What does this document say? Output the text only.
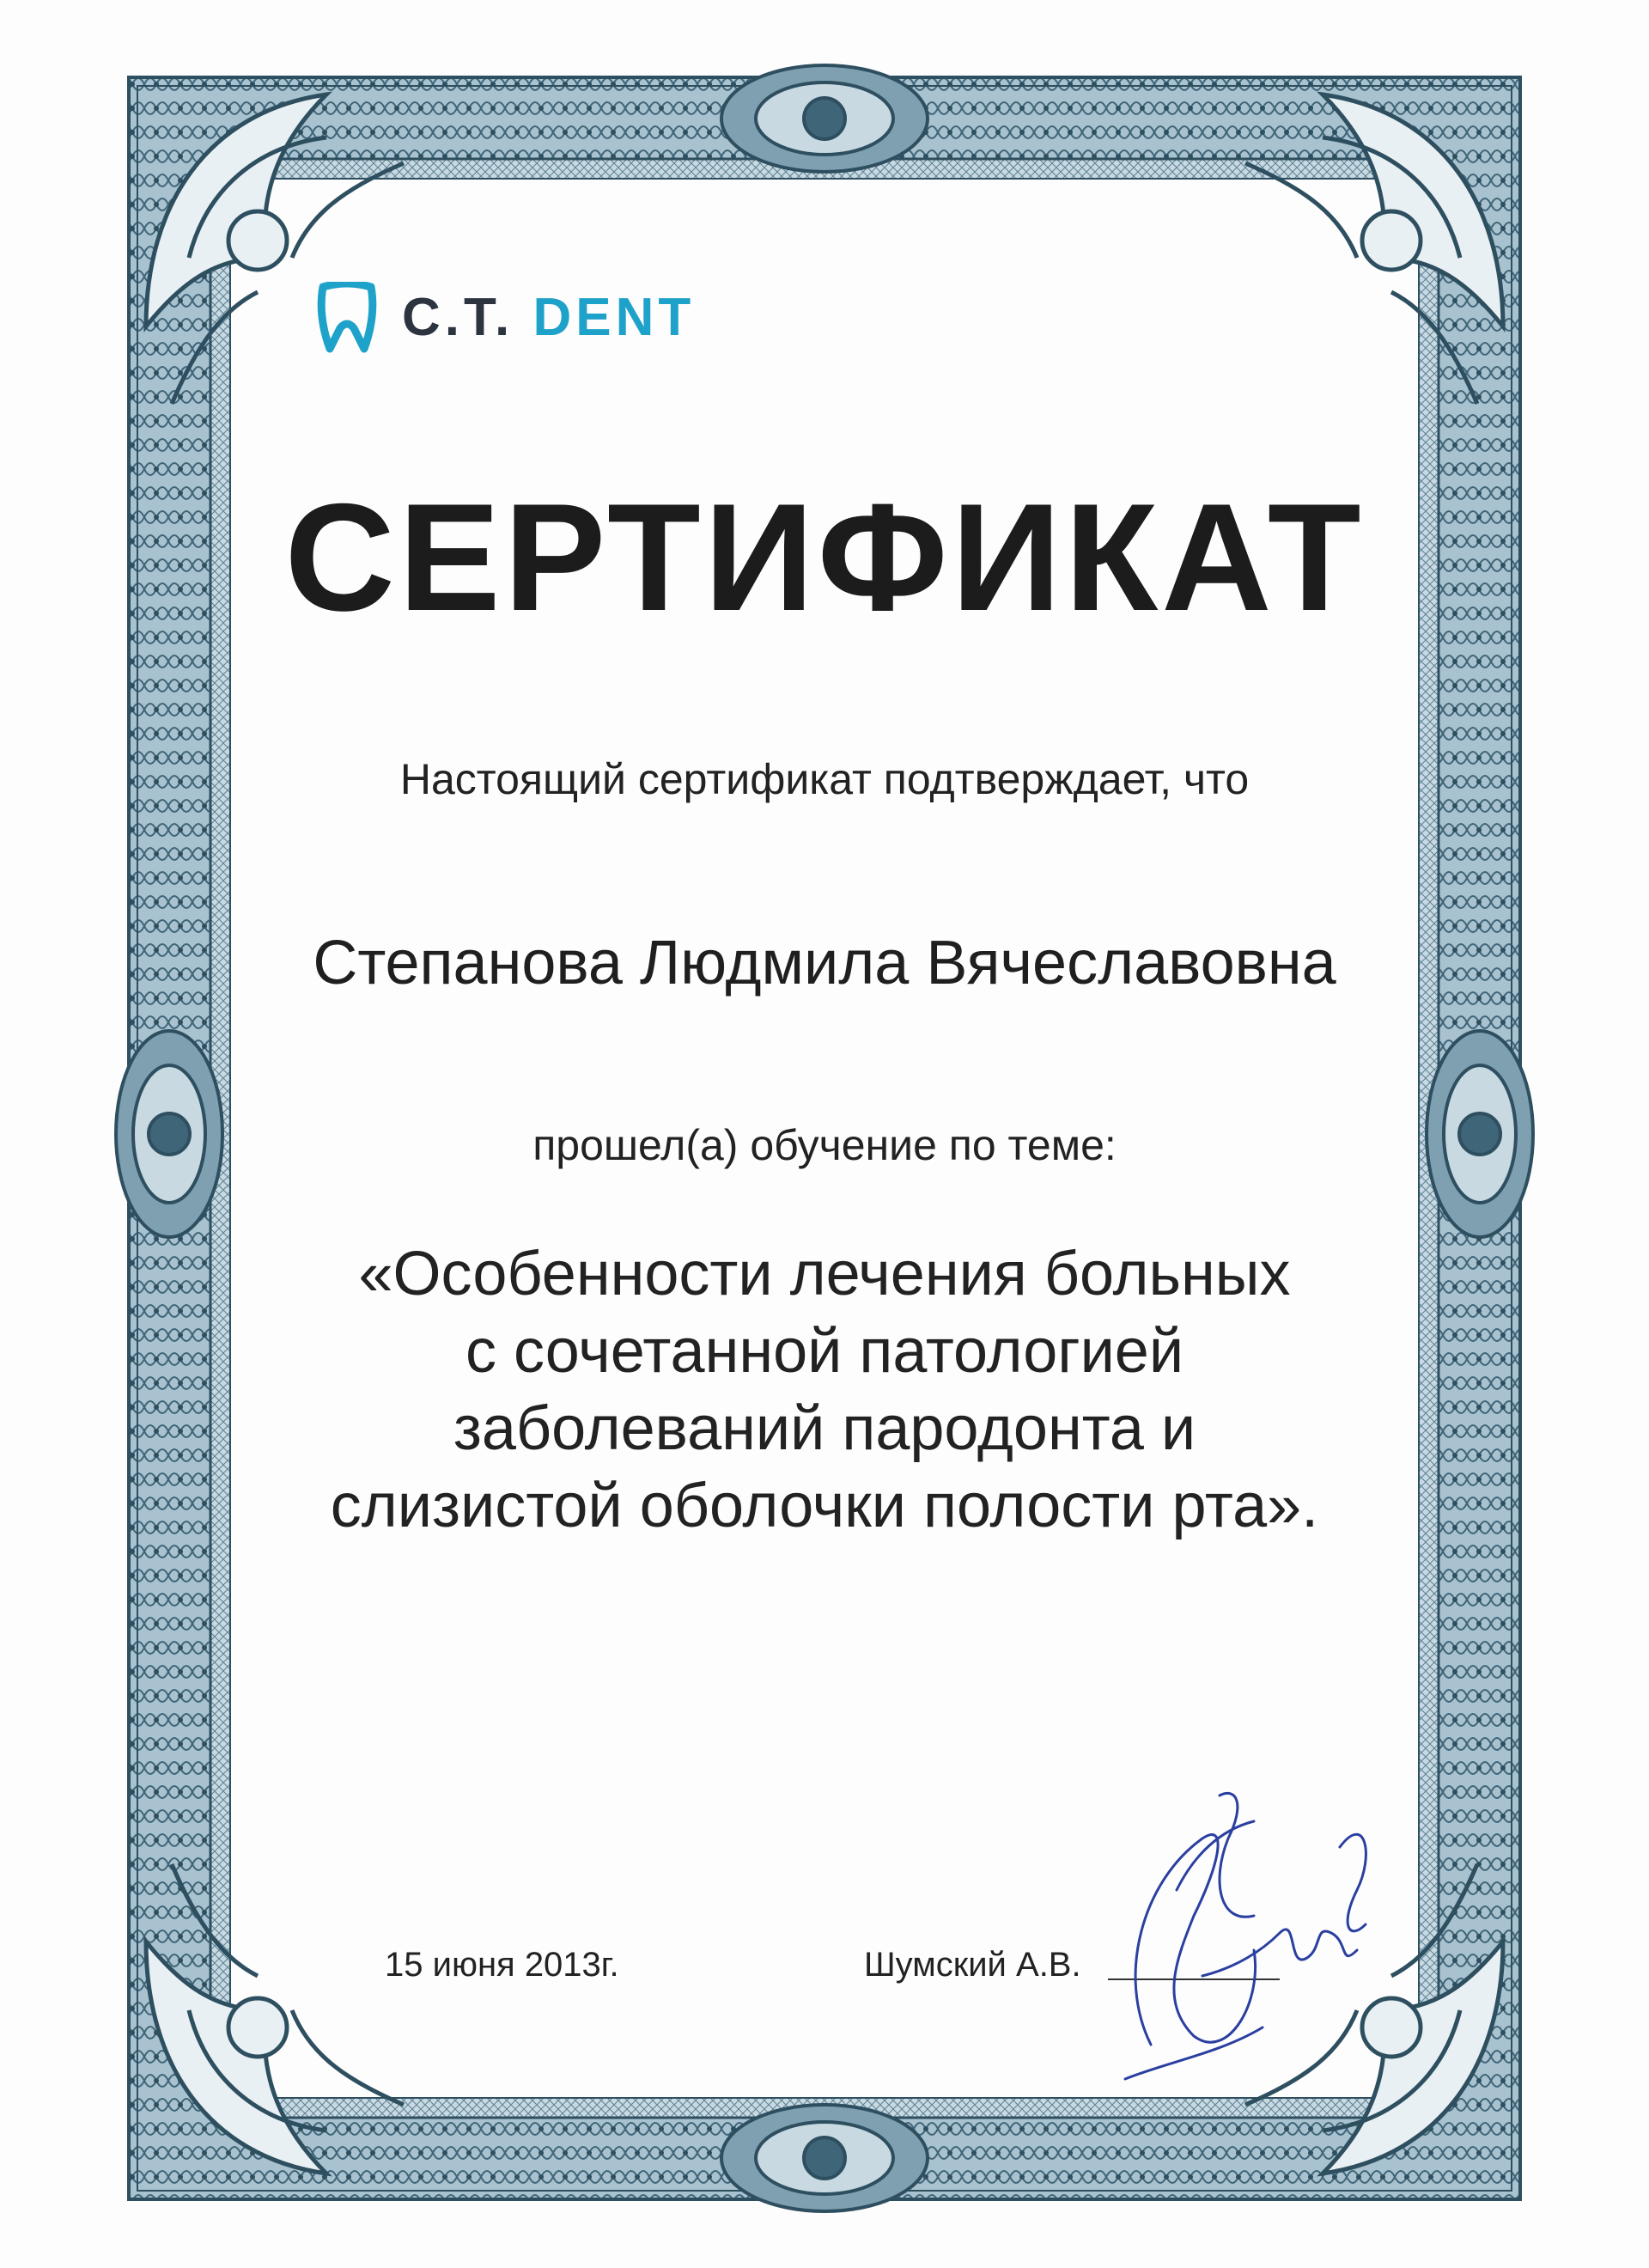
C.T. DENT
СЕРТИФИКАТ
Настоящий сертификат подтверждает, что
Степанова Людмила Вячеславовна
прошел(а) обучение по теме:
«Особенности лечения больных
с сочетанной патологией
заболеваний пародонта и
слизистой оболочки полости рта».
15 июня 2013г.	Шумский А.В.
